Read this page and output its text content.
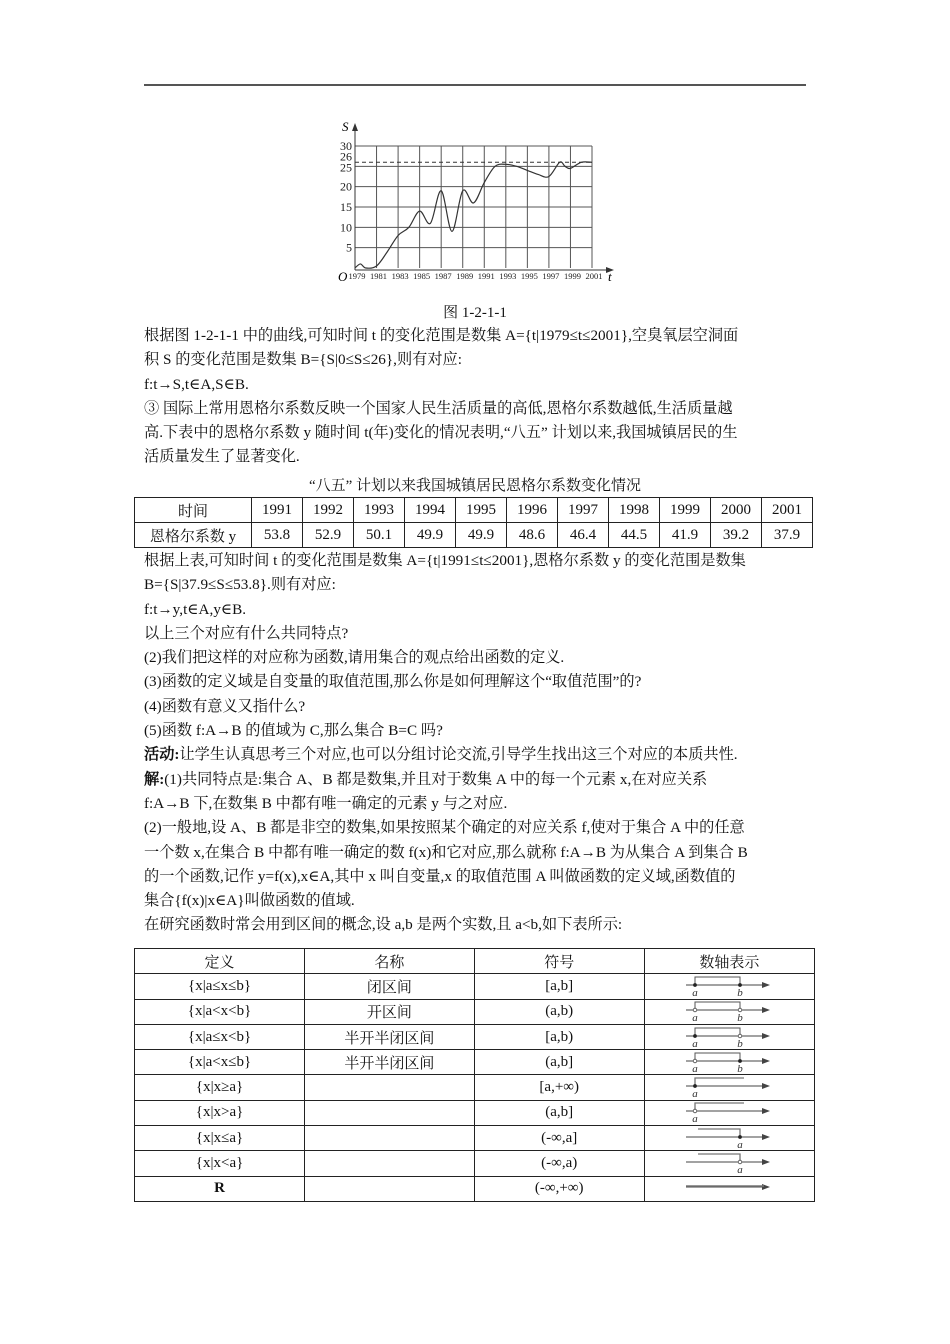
5
10
15
20
25
26
30
1979 1981 1983 1985 1987 1989 1991 1993 1995 1997 1999 2001
S
t
O
图 1-2-1-1

根据图 1-2-1-1 中的曲线,可知时间 t 的变化范围是数集 A={t|1979≤t≤2001},空臭氧层空洞面

积 S 的变化范围是数集 B={S|0≤S≤26},则有对应:

f:t→S,t∈A,S∈B.

③ 国际上常用恩格尔系数反映一个国家人民生活质量的高低,恩格尔系数越低,生活质量越

高.下表中的恩格尔系数 y 随时间 t(年)变化的情况表明,“八五” 计划以来,我国城镇居民的生

活质量发生了显著变化.

“八五” 计划以来我国城镇居民恩格尔系数变化情况
时间	1991	1992	1993	1994	1995	1996	1997	1998	1999	2000	2001
恩格尔系数 y	53.8	52.9	50.1	49.9	49.9	48.6	46.4	44.5	41.9	39.2	37.9

根据上表,可知时间 t 的变化范围是数集 A={t|1991≤t≤2001},恩格尔系数 y 的变化范围是数集

B={S|37.9≤S≤53.8}.则有对应:

f:t→y,t∈A,y∈B.

以上三个对应有什么共同特点?

(2)我们把这样的对应称为函数,请用集合的观点给出函数的定义.

(3)函数的定义域是自变量的取值范围,那么你是如何理解这个“取值范围”的?

(4)函数有意义又指什么?

(5)函数 f:A→B 的值域为 C,那么集合 B=C 吗?

活动:让学生认真思考三个对应,也可以分组讨论交流,引导学生找出这三个对应的本质共性.

解:(1)共同特点是:集合 A、B 都是数集,并且对于数集 A 中的每一个元素 x,在对应关系

f:A→B 下,在数集 B 中都有唯一确定的元素 y 与之对应.

(2)一般地,设 A、B 都是非空的数集,如果按照某个确定的对应关系 f,使对于集合 A 中的任意

一个数 x,在集合 B 中都有唯一确定的数 f(x)和它对应,那么就称 f:A→B 为从集合 A 到集合 B

的一个函数,记作 y=f(x),x∈A,其中 x 叫自变量,x 的取值范围 A 叫做函数的定义域,函数值的

集合{f(x)|x∈A}叫做函数的值域.

在研究函数时常会用到区间的概念,设 a,b 是两个实数,且 a<b,如下表所示:

定义	名称	符号	数轴表示
{x|a≤x≤b}	闭区间	[a,b]	a b

{x|a<x<b}	开区间	(a,b)	a b

{x|a≤x<b}	半开半闭区间	[a,b)	a b

{x|a<x≤b}	半开半闭区间	(a,b]	a b

{x|x≥a}		[a,+∞)	a

{x|x>a}		(a,b]	a

{x|x≤a}		(-∞,a]	a

{x|x<a}		(-∞,a)	a

R		(-∞,+∞)	
